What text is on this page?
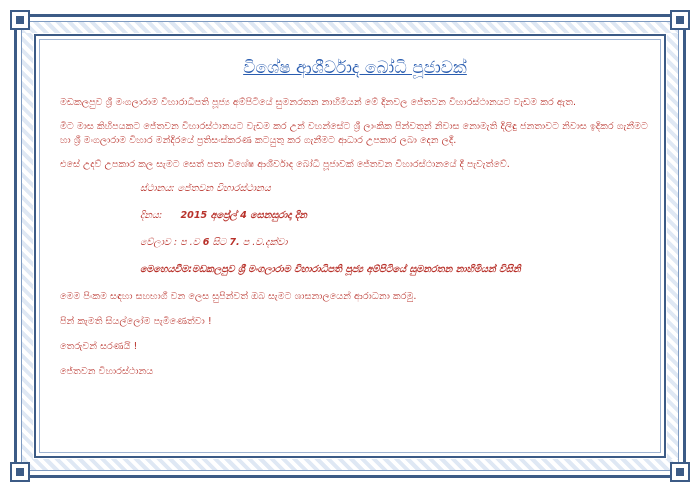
විශේෂ ආශීර්වාද බෝධි පූජාවක්

මඩකලපුව ශ්‍රී මංගලාරාම විහාරාධිපති පූජ්‍ය අම්පිටියේ සුමනරතන නාහිමියන් මේ දිනවල ජේතවන විහාරස්ථානයට වැඩම කර ඇත.

මීට මාස කිහිපයකට ජේතවන විහාරස්ථානයට වැඩම කර උන් වහන්සේට ශ්‍රී ලාංකික පින්වතුන් නිවාස නොමැති දිලිඳු ජනතාවට නිවාස ඉදිකර ගැනීමට හා ශ්‍රී මංගලාරාම විහාර මන්දිරයේ ප්‍රතිසංස්කරණ කටයුතු කර ගැනීමට ආධාර උපකාර ලබා දෙන ලදී.

එසේ උදව් උපකාර කල සැමට සෙත් පතා විශේෂ ආශීර්වාද බෝධි පූජාවක් ජේතවන විහාරස්ථානයේ දී පැවැත්වේ.

ස්ථානය: ජේතවන විහාරස්ථානය

දිනය: 2015 අප්‍රේල් 4 සෙනසුරාදා දින

වේලාව : ප .ව 6 සිට 7. ප .ව.දක්වා

මෙහෙයවීම:මඩකලපුව ශ්‍රී මංගලාරාම විහාරාධිපති පූජ්‍ය අම්පිටියේ සුමනරතන නාහිමියන් විසිනි

මෙම පිංකම සඳහා සහභාගී වන ලෙස සුපින්වත් ඔබ සැමට ශාසනාලයෙන් ආරාධනා කරමු.

පින් කැමති සියල්ලෝම පැමිණෙත්වා !

තෙරුවන් සරණයි !

ජේතවන විහාරස්ථානය
